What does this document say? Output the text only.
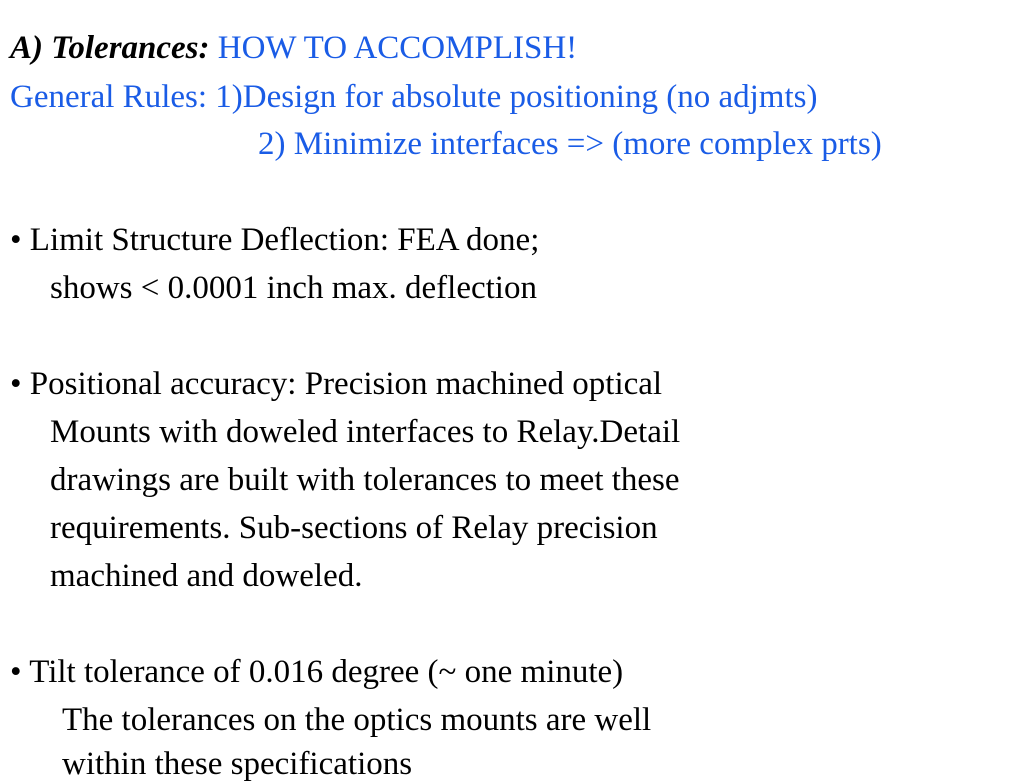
A) Tolerances: HOW TO ACCOMPLISH!
General Rules: 1)Design for absolute positioning (no adjmts)
2) Minimize interfaces => (more complex prts)
• Limit Structure Deflection: FEA done;
shows < 0.0001 inch max. deflection
• Positional accuracy: Precision machined optical
Mounts with doweled interfaces to Relay.Detail
drawings are built with tolerances to meet these
requirements. Sub-sections of Relay precision
machined and doweled.
• Tilt tolerance of 0.016 degree (~ one minute)
The tolerances on the optics mounts are well
within these specifications
